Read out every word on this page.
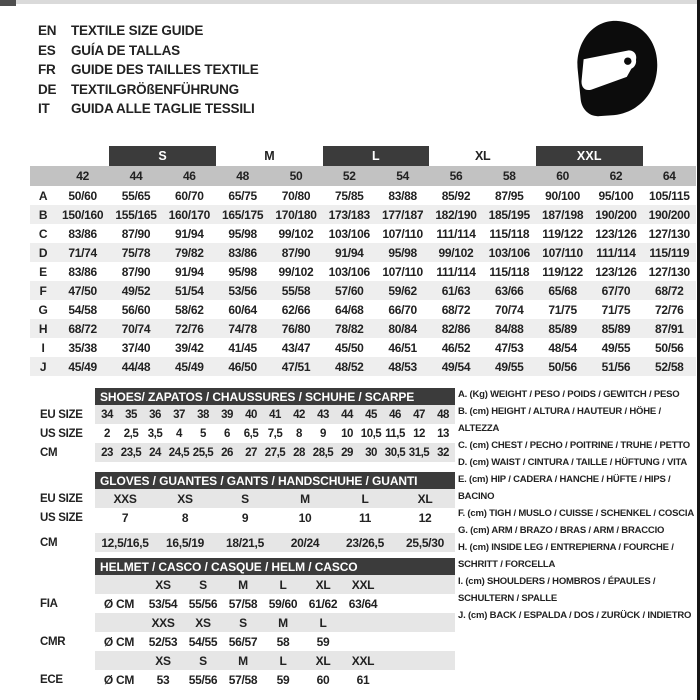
EN	TEXTILE SIZE GUIDE
ES	GUÍA DE TALLAS
FR	GUIDE DES TAILLES TEXTILE
DE	TEXTILGRÖßENFÜHRUNG
IT	GUIDA ALLE TAGLIE TESSILI
		S		M		L		XL		XXL		
	42	44	46	48	50	52	54	56	58	60	62	64
A	50/60	55/65	60/70	65/75	70/80	75/85	83/88	85/92	87/95	90/100	95/100	105/115
B	150/160	155/165	160/170	165/175	170/180	173/183	177/187	182/190	185/195	187/198	190/200	190/200
C	83/86	87/90	91/94	95/98	99/102	103/106	107/110	111/114	115/118	119/122	123/126	127/130
D	71/74	75/78	79/82	83/86	87/90	91/94	95/98	99/102	103/106	107/110	111/114	115/119
E	83/86	87/90	91/94	95/98	99/102	103/106	107/110	111/114	115/118	119/122	123/126	127/130
F	47/50	49/52	51/54	53/56	55/58	57/60	59/62	61/63	63/66	65/68	67/70	68/72
G	54/58	56/60	58/62	60/64	62/66	64/68	66/70	68/72	70/74	71/75	71/75	72/76
H	68/72	70/74	72/76	74/78	76/80	78/82	80/84	82/86	84/88	85/89	85/89	87/91
I	35/38	37/40	39/42	41/45	43/47	45/50	46/51	46/52	47/53	48/54	49/55	50/56
J	45/49	44/48	45/49	46/50	47/51	48/52	48/53	49/54	49/55	50/56	51/56	52/58
	SHOES/ ZAPATOS / CHAUSSURES / SCHUHE / SCARPE														
EU SIZE	34	35	36	37	38	39	40	41	42	43	44	45	46	47	48
US SIZE	2	2,5	3,5	4	5	6	6,5	7,5	8	9	10	10,5	11,5	12	13
CM	23	23,5	24	24,5	25,5	26	27	27,5	28	28,5	29	30	30,5	31,5	32
	GLOVES / GUANTES / GANTS / HANDSCHUHE / GUANTI					
EU SIZE	XXS	XS	S	M	L	XL
US SIZE	7	8	9	10	11	12

CM	12,5/16,5	16,5/19	18/21,5	20/24	23/26,5	25,5/30
	HELMET / CASCO / CASQUE / HELM / CASCO							
		XS	S	M	L	XL	XXL	
FIA	Ø CM	53/54	55/56	57/58	59/60	61/62	63/64	
		XXS	XS	S	M	L		
CMR	Ø CM	52/53	54/55	56/57	58	59		
		XS	S	M	L	XL	XXL	
ECE	Ø CM	53	55/56	57/58	59	60	61	
A. (Kg) WEIGHT / PESO / POIDS / GEWITCH / PESO
B. (cm) HEIGHT / ALTURA / HAUTEUR / HÖHE / ALTEZZA
C. (cm) CHEST / PECHO / POITRINE / TRUHE / PETTO
D. (cm) WAIST / CINTURA / TAILLE / HÜFTUNG / VITA
E. (cm) HIP / CADERA / HANCHE / HÜFTE / HIPS / BACINO
F. (cm) TIGH / MUSLO / CUISSE / SCHENKEL / COSCIA
G. (cm) ARM / BRAZO / BRAS / ARM / BRACCIO
H. (cm) INSIDE LEG / ENTREPIERNA / FOURCHE / SCHRITT / FORCELLA
I. (cm) SHOULDERS / HOMBROS / ÉPAULES / SCHULTERN / SPALLE
J. (cm) BACK / ESPALDA / DOS / ZURÜCK / INDIETRO
